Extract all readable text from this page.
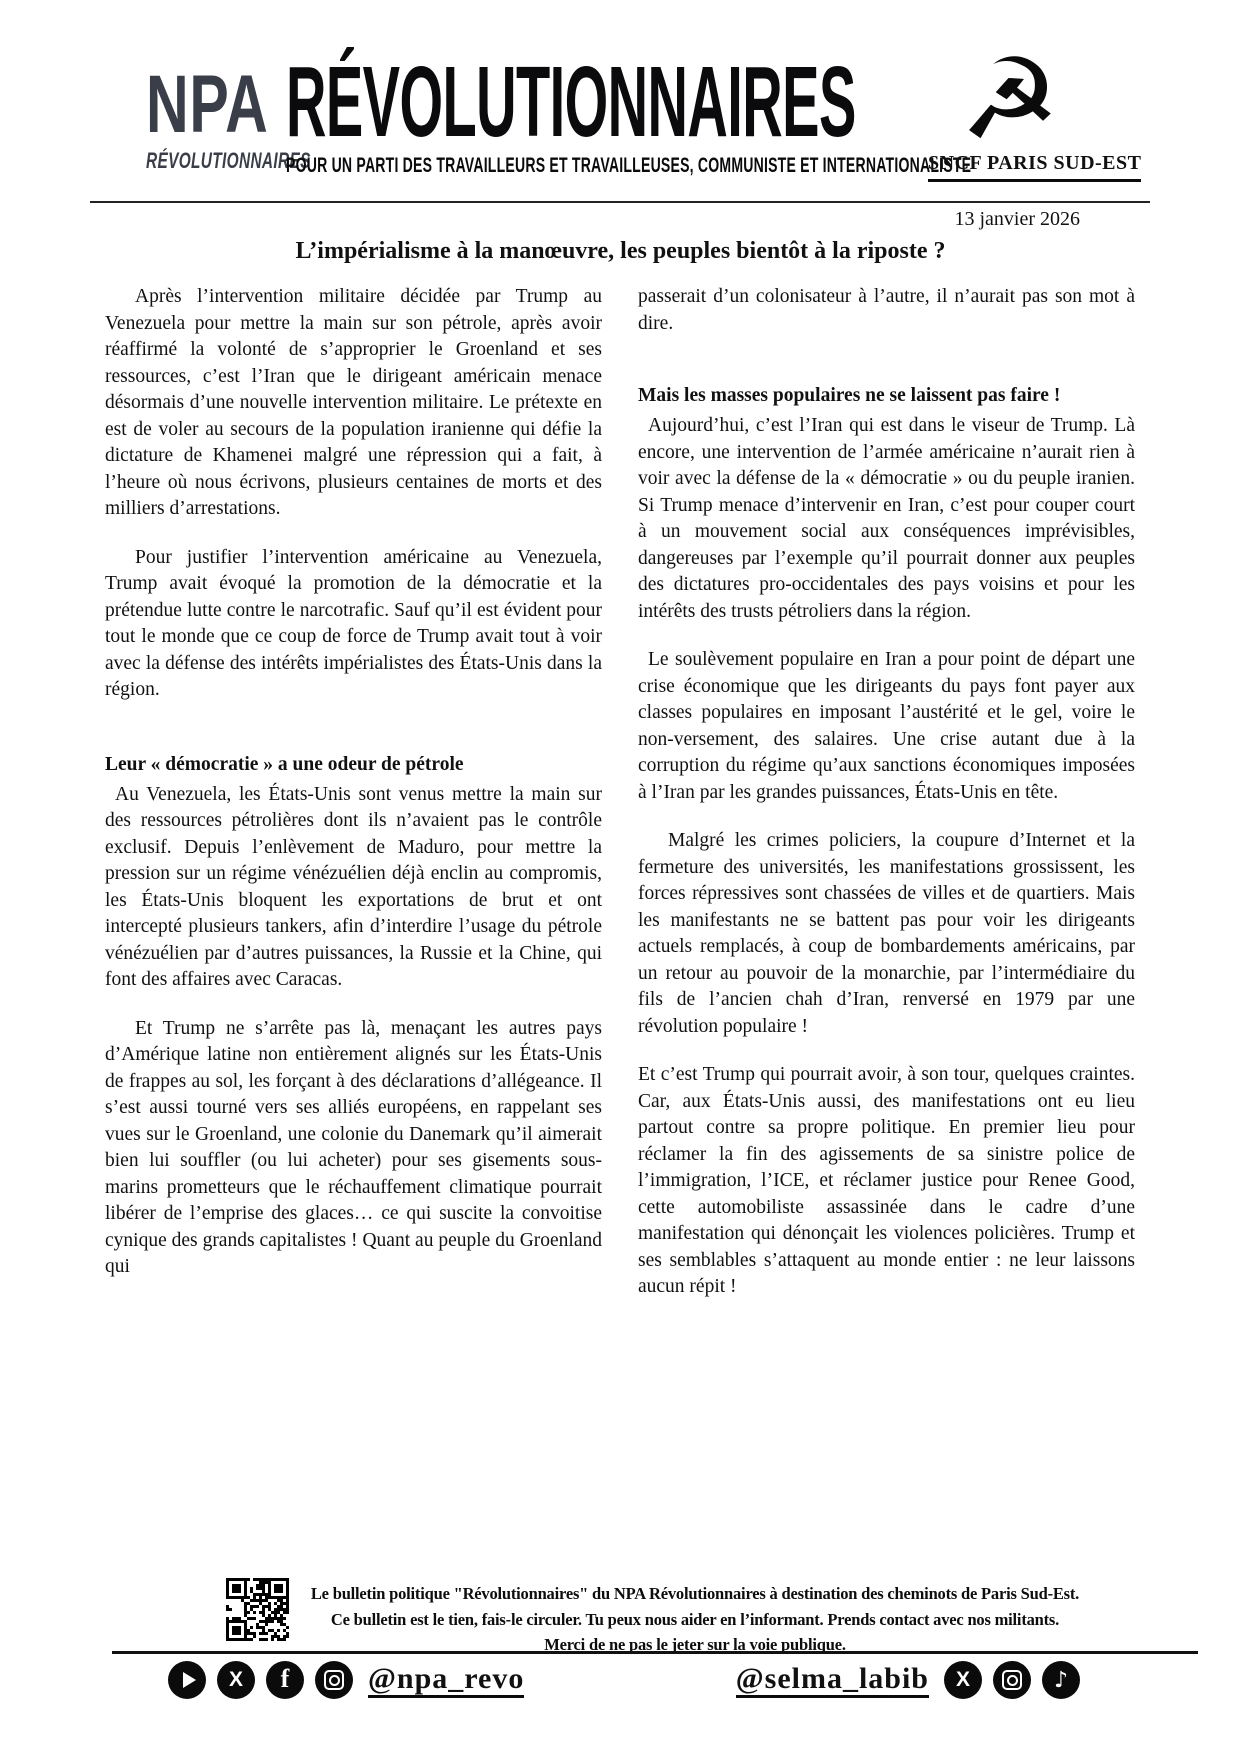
NPA
RÉVOLUTIONNAIRES
RÉVOLUTIONNAIRES
POUR UN PARTI DES TRAVAILLEURS ET TRAVAILLEUSES, COMMUNISTE ET INTERNATIONALISTE
☭
SNCF PARIS SUD-EST
13 janvier 2026
L’impérialisme à la manœuvre, les peuples bientôt à la riposte ?

Après l’intervention militaire décidée par Trump au Venezuela pour mettre la main sur son pétrole, après avoir réaffirmé la volonté de s’approprier le Groenland et ses ressources, c’est l’Iran que le dirigeant américain menace désormais d’une nouvelle intervention militaire. Le prétexte en est de voler au secours de la population iranienne qui défie la dictature de Khamenei malgré une répression qui a fait, à l’heure où nous écrivons, plusieurs centaines de morts et des milliers d’arrestations.

Pour justifier l’intervention américaine au Venezuela, Trump avait évoqué la promotion de la démocratie et la prétendue lutte contre le narcotrafic. Sauf qu’il est évident pour tout le monde que ce coup de force de Trump avait tout à voir avec la défense des intérêts impérialistes des États-Unis dans la région.

Leur « démocratie » a une odeur de pétrole

Au Venezuela, les États-Unis sont venus mettre la main sur des ressources pétrolières dont ils n’avaient pas le contrôle exclusif. Depuis l’enlèvement de Maduro, pour mettre la pression sur un régime vénézuélien déjà enclin au compromis, les États-Unis bloquent les exportations de brut et ont intercepté plusieurs tankers, afin d’interdire l’usage du pétrole vénézuélien par d’autres puissances, la Russie et la Chine, qui font des affaires avec Caracas.

Et Trump ne s’arrête pas là, menaçant les autres pays d’Amérique latine non entièrement alignés sur les États-Unis de frappes au sol, les forçant à des déclarations d’allégeance. Il s’est aussi tourné vers ses alliés européens, en rappelant ses vues sur le Groenland, une colonie du Danemark qu’il aimerait bien lui souffler (ou lui acheter) pour ses gisements sous-marins prometteurs que le réchauffement climatique pourrait libérer de l’emprise des glaces… ce qui suscite la convoitise cynique des grands capitalistes ! Quant au peuple du Groenland qui

passerait d’un colonisateur à l’autre, il n’aurait pas son mot à dire.

Mais les masses populaires ne se laissent pas faire !

Aujourd’hui, c’est l’Iran qui est dans le viseur de Trump. Là encore, une intervention de l’armée américaine n’aurait rien à voir avec la défense de la « démocratie » ou du peuple iranien. Si Trump menace d’intervenir en Iran, c’est pour couper court à un mouvement social aux conséquences imprévisibles, dangereuses par l’exemple qu’il pourrait donner aux peuples des dictatures pro-occidentales des pays voisins et pour les intérêts des trusts pétroliers dans la région.

Le soulèvement populaire en Iran a pour point de départ une crise économique que les dirigeants du pays font payer aux classes populaires en imposant l’austérité et le gel, voire le non-versement, des salaires. Une crise autant due à la corruption du régime qu’aux sanctions économiques imposées à l’Iran par les grandes puissances, États-Unis en tête.

Malgré les crimes policiers, la coupure d’Internet et la fermeture des universités, les manifestations grossissent, les forces répressives sont chassées de villes et de quartiers. Mais les manifestants ne se battent pas pour voir les dirigeants actuels remplacés, à coup de bombardements américains, par un retour au pouvoir de la monarchie, par l’intermédiaire du fils de l’ancien chah d’Iran, renversé en 1979 par une révolution populaire !

Et c’est Trump qui pourrait avoir, à son tour, quelques craintes. Car, aux États-Unis aussi, des manifestations ont eu lieu partout contre sa propre politique. En premier lieu pour réclamer la fin des agissements de sa sinistre police de l’immigration, l’ICE, et réclamer justice pour Renee Good, cette automobiliste assassinée dans le cadre d’une manifestation qui dénonçait les violences policières. Trump et ses semblables s’attaquent au monde entier : ne leur laissons aucun répit !

Le bulletin politique "Révolutionnaires" du NPA Révolutionnaires à destination des cheminots de Paris Sud-Est.
Ce bulletin est le tien, fais-le circuler. Tu peux nous aider en l’informant. Prends contact avec nos militants.
Merci de ne pas le jeter sur la voie publique.
X f	@npa_revo	@selma_labib X	♪
